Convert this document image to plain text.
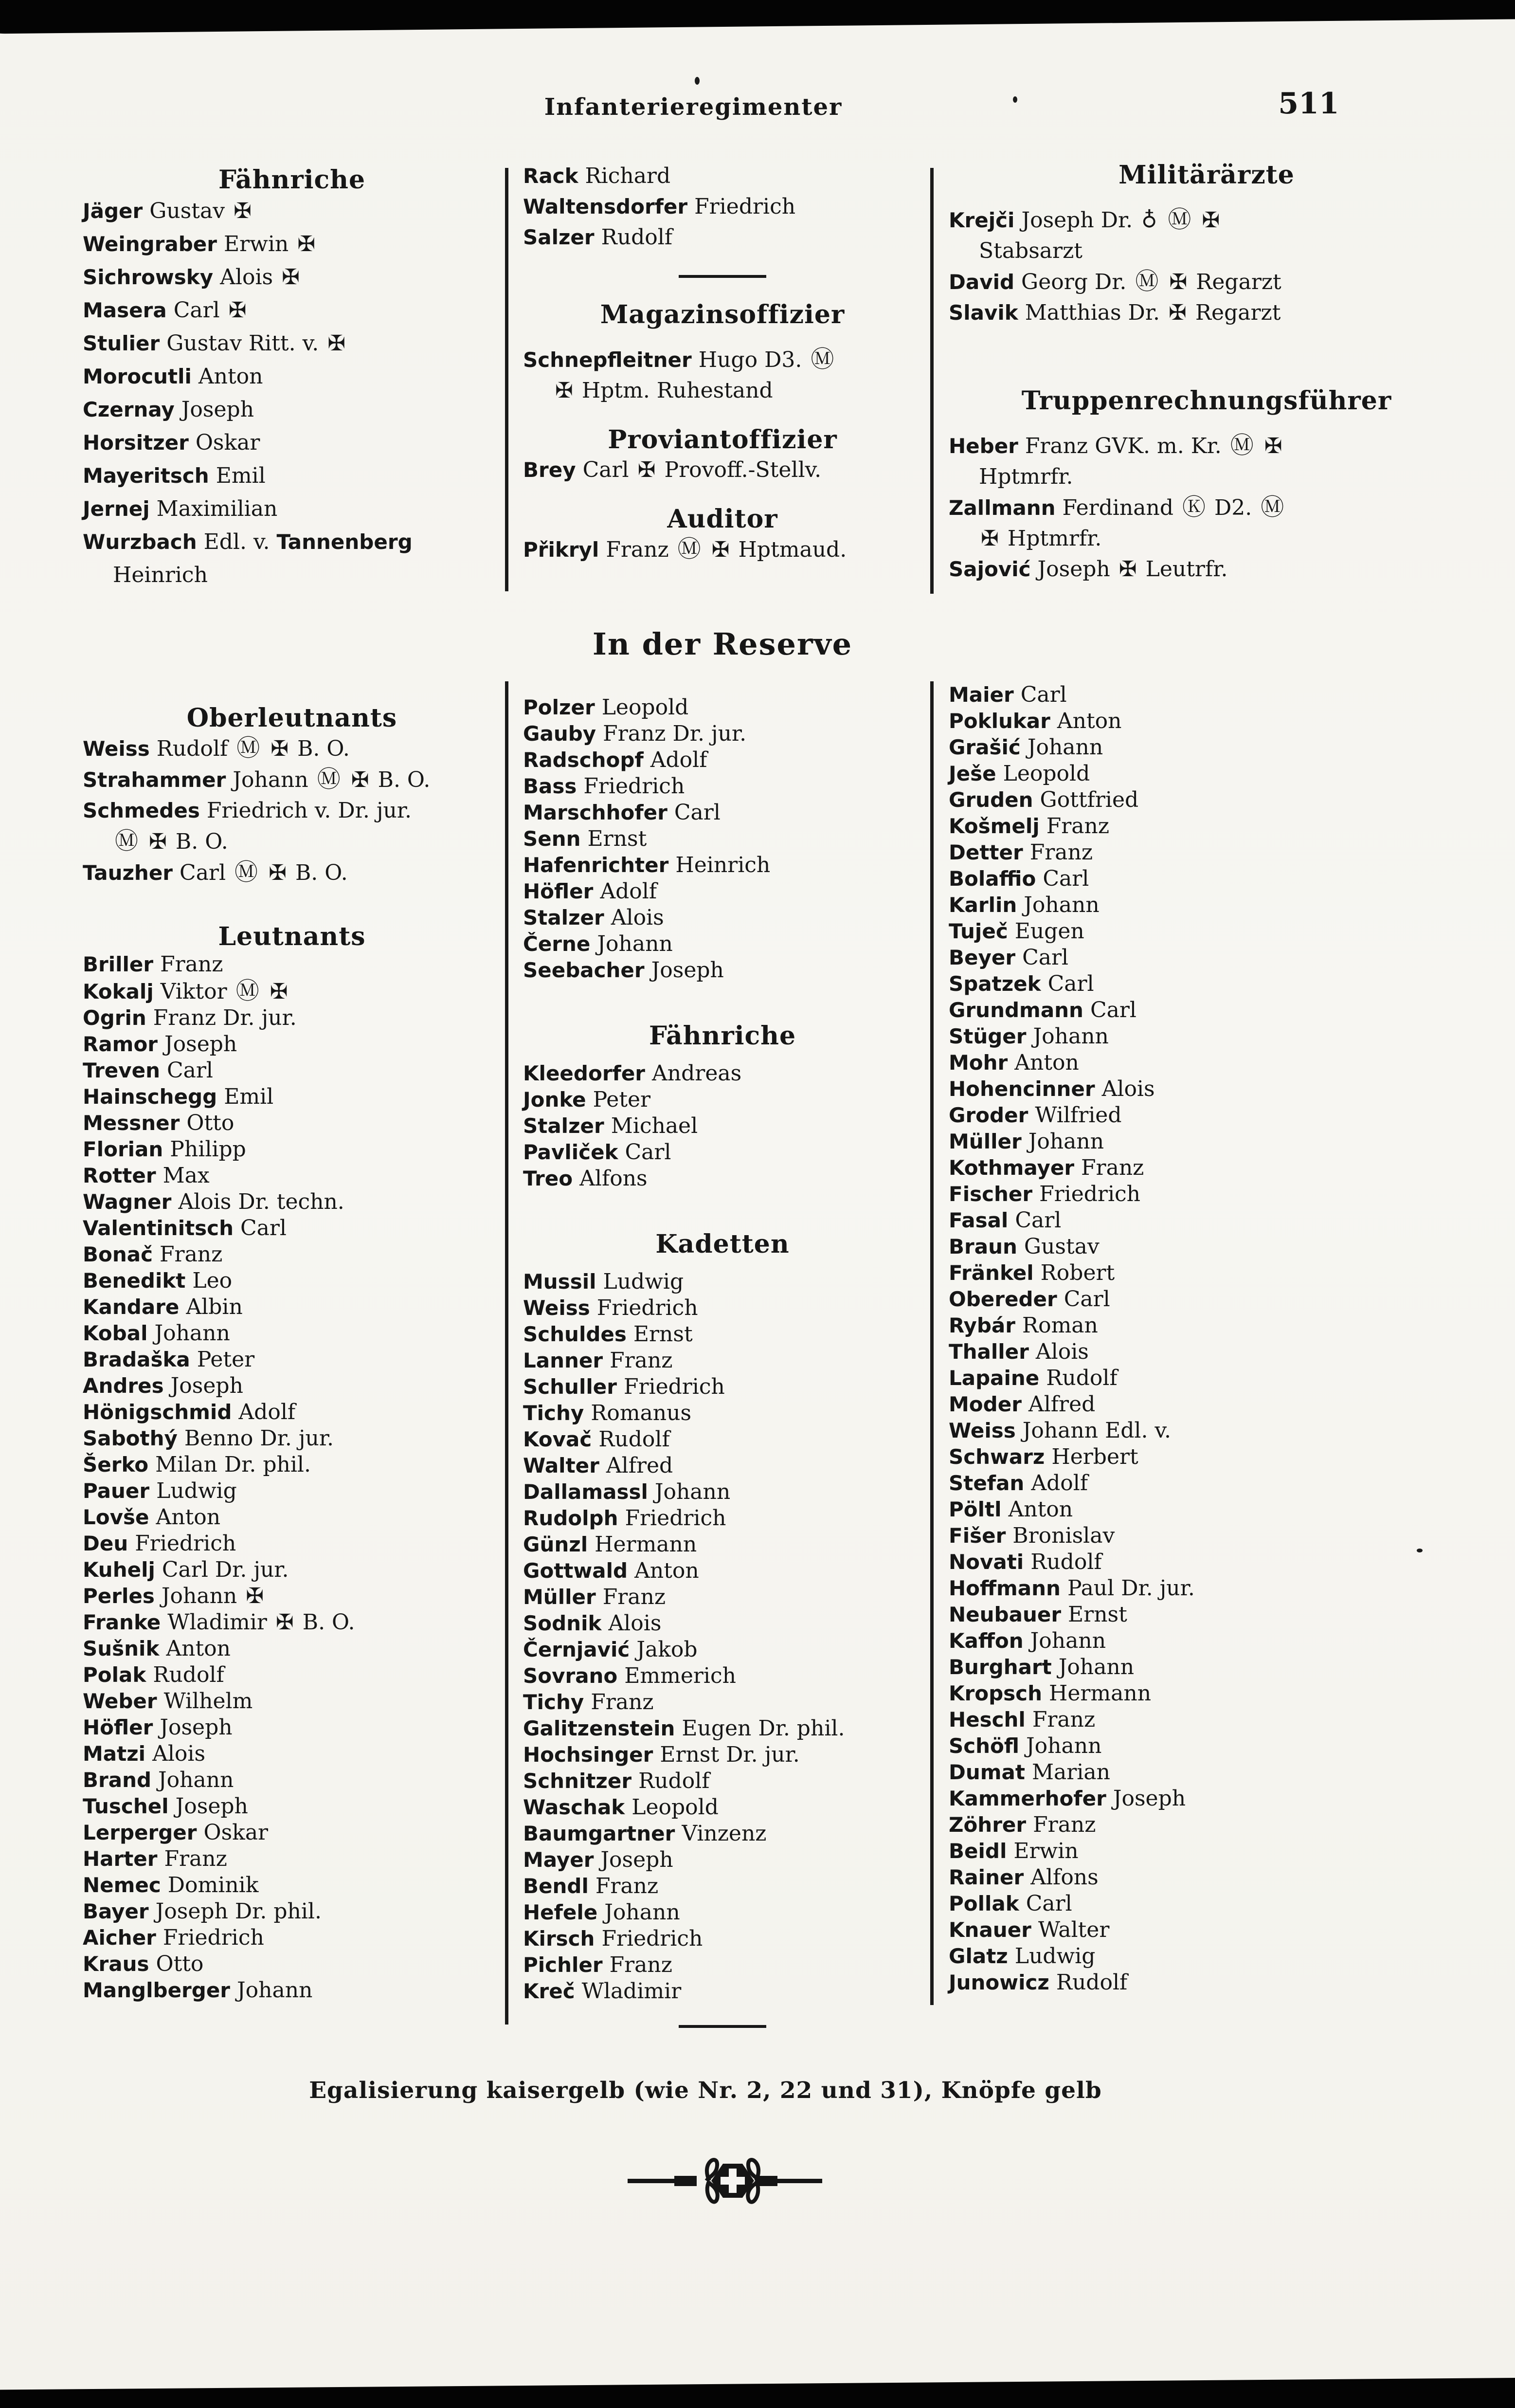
Infanterieregimenter	511
Fähnriche
Jäger Gustav ✠
Weingraber Erwin ✠
Sichrowsky Alois ✠
Masera Carl ✠
Stulier Gustav Ritt. v. ✠
Morocutli Anton
Czernay Joseph
Horsitzer Oskar
Mayeritsch Emil
Jernej Maximilian
Wurzbach Edl. v. Tannenberg
Heinrich
Oberleutnants
Weiss Rudolf Ⓜ ✠ B. O.
Strahammer Johann Ⓜ ✠ B. O.
Schmedes Friedrich v. Dr. jur.
Ⓜ ✠ B. O.
Tauzher Carl Ⓜ ✠ B. O.
Leutnants
Briller Franz
Kokalj Viktor Ⓜ ✠
Ogrin Franz Dr. jur.
Ramor Joseph
Treven Carl
Hainschegg Emil
Messner Otto
Florian Philipp
Rotter Max
Wagner Alois Dr. techn.
Valentinitsch Carl
Bonač Franz
Benedikt Leo
Kandare Albin
Kobal Johann
Bradaška Peter
Andres Joseph
Hönigschmid Adolf
Sabothý Benno Dr. jur.
Šerko Milan Dr. phil.
Pauer Ludwig
Lovše Anton
Deu Friedrich
Kuhelj Carl Dr. jur.
Perles Johann ✠
Franke Wladimir ✠ B. O.
Sušnik Anton
Polak Rudolf
Weber Wilhelm
Höfler Joseph
Matzi Alois
Brand Johann
Tuschel Joseph
Lerperger Oskar
Harter Franz
Nemec Dominik
Bayer Joseph Dr. phil.
Aicher Friedrich
Kraus Otto
Manglberger Johann
Rack Richard
Waltensdorfer Friedrich
Salzer Rudolf
Magazinsoffizier
Schnepfleitner Hugo D3. Ⓜ
✠ Hptm. Ruhestand
Proviantoffizier
Brey Carl ✠ Provoff.-Stellv.
Auditor
Přikryl Franz Ⓜ ✠ Hptmaud.
In der Reserve
Polzer Leopold
Gauby Franz Dr. jur.
Radschopf Adolf
Bass Friedrich
Marschhofer Carl
Senn Ernst
Hafenrichter Heinrich
Höfler Adolf
Stalzer Alois
Černe Johann
Seebacher Joseph
Fähnriche
Kleedorfer Andreas
Jonke Peter
Stalzer Michael
Pavliček Carl
Treo Alfons
Kadetten
Mussil Ludwig
Weiss Friedrich
Schuldes Ernst
Lanner Franz
Schuller Friedrich
Tichy Romanus
Kovač Rudolf
Walter Alfred
Dallamassl Johann
Rudolph Friedrich
Günzl Hermann
Gottwald Anton
Müller Franz
Sodnik Alois
Černjavić Jakob
Sovrano Emmerich
Tichy Franz
Galitzenstein Eugen Dr. phil.
Hochsinger Ernst Dr. jur.
Schnitzer Rudolf
Waschak Leopold
Baumgartner Vinzenz
Mayer Joseph
Bendl Franz
Hefele Johann
Kirsch Friedrich
Pichler Franz
Kreč Wladimir
Militärärzte
Krejči Joseph Dr. ♁ Ⓜ ✠
Stabsarzt
David Georg Dr. Ⓜ ✠ Regarzt
Slavik Matthias Dr. ✠ Regarzt
Truppenrechnungsführer
Heber Franz GVK. m. Kr. Ⓜ ✠
Hptmrfr.
Zallmann Ferdinand Ⓚ D2. Ⓜ
✠ Hptmrfr.
Sajović Joseph ✠ Leutrfr.
Maier Carl
Poklukar Anton
Grašić Johann
Ješe Leopold
Gruden Gottfried
Košmelj Franz
Detter Franz
Bolaffio Carl
Karlin Johann
Tuječ Eugen
Beyer Carl
Spatzek Carl
Grundmann Carl
Stüger Johann
Mohr Anton
Hohencinner Alois
Groder Wilfried
Müller Johann
Kothmayer Franz
Fischer Friedrich
Fasal Carl
Braun Gustav
Fränkel Robert
Obereder Carl
Rybár Roman
Thaller Alois
Lapaine Rudolf
Moder Alfred
Weiss Johann Edl. v.
Schwarz Herbert
Stefan Adolf
Pöltl Anton
Fišer Bronislav
Novati Rudolf
Hoffmann Paul Dr. jur.
Neubauer Ernst
Kaffon Johann
Burghart Johann
Kropsch Hermann
Heschl Franz
Schöfl Johann
Dumat Marian
Kammerhofer Joseph
Zöhrer Franz
Beidl Erwin
Rainer Alfons
Pollak Carl
Knauer Walter
Glatz Ludwig
Junowicz Rudolf
Egalisierung kaisergelb (wie Nr. 2, 22 und 31), Knöpfe gelb
